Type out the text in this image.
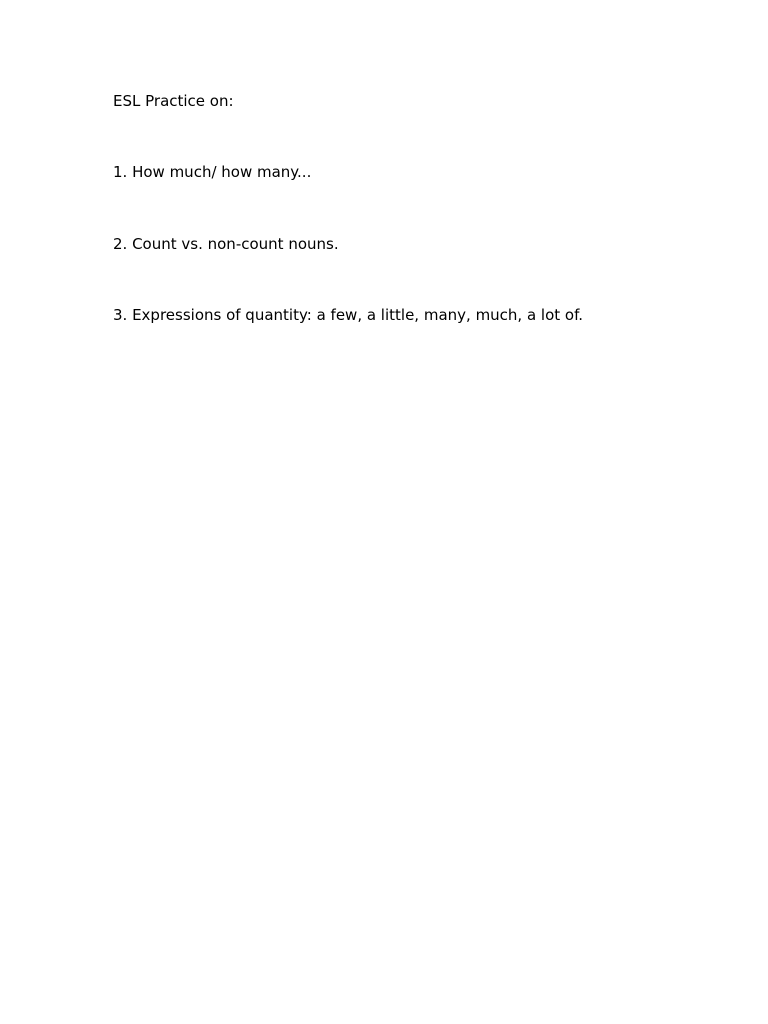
ESL Practice on:

1. How much/ how many...

2. Count vs. non-count nouns.

3. Expressions of quantity: a few, a little, many, much, a lot of.
